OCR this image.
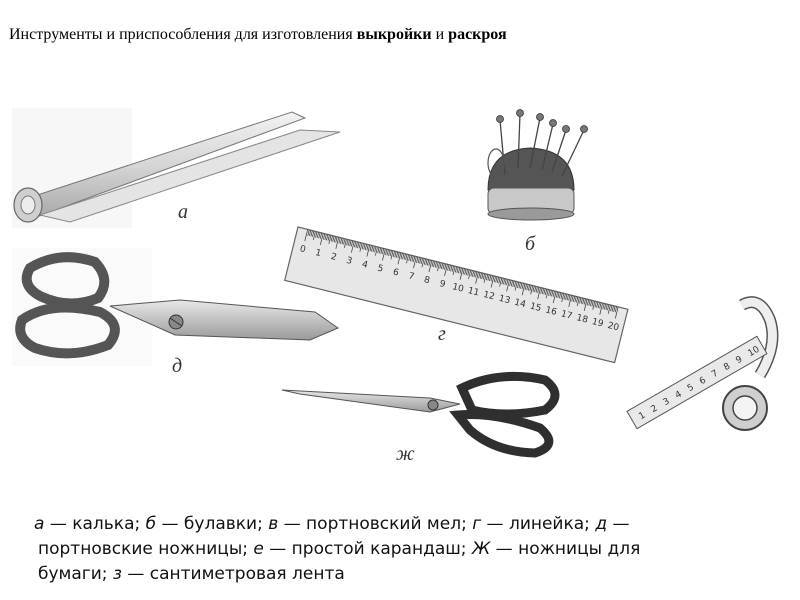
Инструменты и приспособления для изготовления выкройки и раскроя
а
б
0 1 2 3 4 5 6 7 8 9 10 11 12 13 14 15 16 17 18 19 20
г
д
ж
1
2
3
4
5
6
7
8
9
10
а — калька; б — булавки; в — портновский мел; г — линейка; д —
портновские ножницы; е — простой карандаш; Ж — ножницы для
бумаги; з — сантиметровая лента
